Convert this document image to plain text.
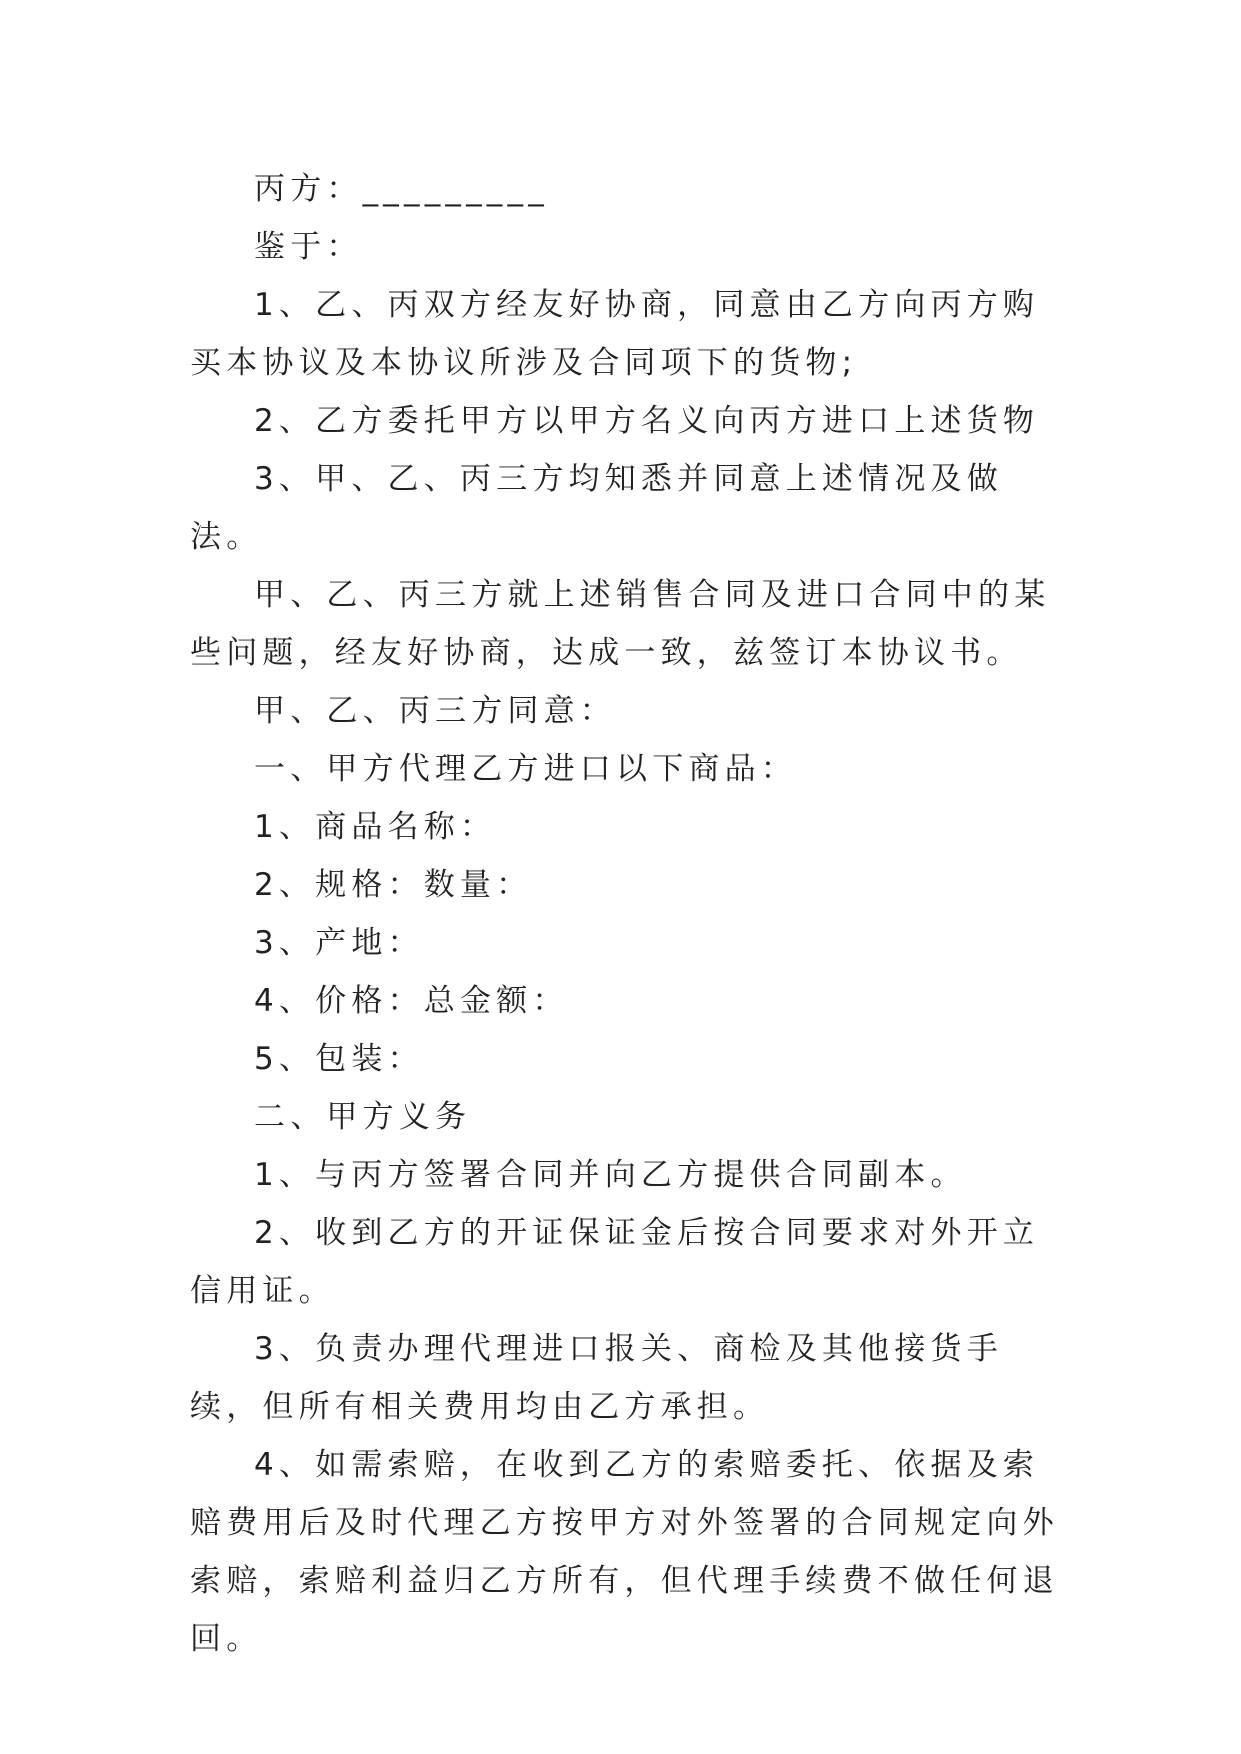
丙方：_________

鉴于：

1、乙、丙双方经友好协商，同意由乙方向丙方购买本协议及本协议所涉及合同项下的货物;

2、乙方委托甲方以甲方名义向丙方进口上述货物

3、甲、乙、丙三方均知悉并同意上述情况及做法。

甲、乙、丙三方就上述销售合同及进口合同中的某些问题，经友好协商，达成一致，兹签订本协议书。

甲、乙、丙三方同意：

一、甲方代理乙方进口以下商品：

1、商品名称：

2、规格：数量：

3、产地：

4、价格：总金额：

5、包装：

二、甲方义务

1、与丙方签署合同并向乙方提供合同副本。

2、收到乙方的开证保证金后按合同要求对外开立信用证。

3、负责办理代理进口报关、商检及其他接货手续，但所有相关费用均由乙方承担。

4、如需索赔，在收到乙方的索赔委托、依据及索赔费用后及时代理乙方按甲方对外签署的合同规定向外索赔，索赔利益归乙方所有，但代理手续费不做任何退回。
